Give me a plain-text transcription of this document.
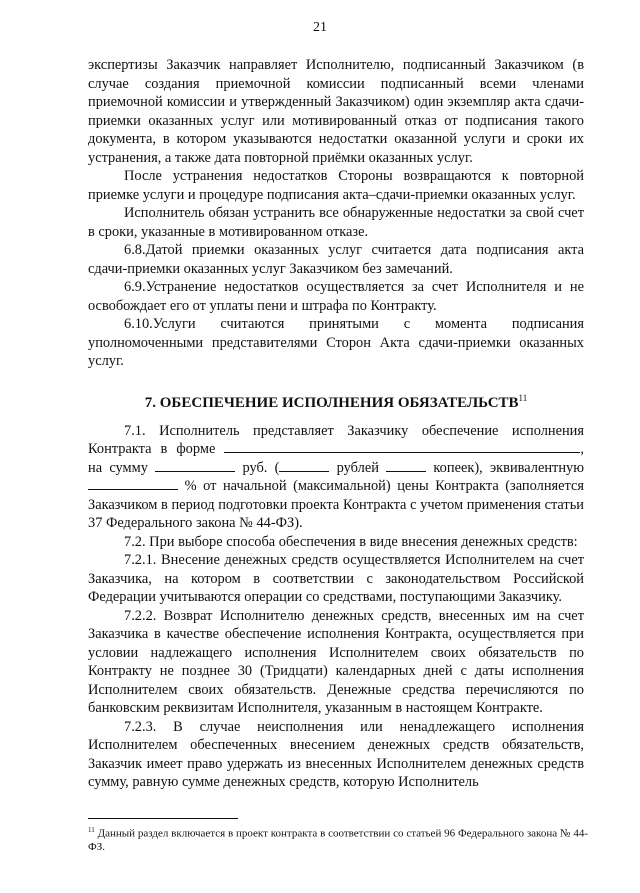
21

экспертизы Заказчик направляет Исполнителю, подписанный Заказчиком (в случае создания приемочной комиссии подписанный всеми членами приемочной комиссии и утвержденный Заказчиком) один экземпляр акта сдачи-приемки оказанных услуг или мотивированный отказ от подписания такого документа, в котором указываются недостатки оказанной услуги и сроки их устранения, а также дата повторной приёмки оказанных услуг.

После устранения недостатков Стороны возвращаются к повторной приемке услуги и процедуре подписания акта–сдачи-приемки оказанных услуг.

Исполнитель обязан устранить все обнаруженные недостатки за свой счет в сроки, указанные в мотивированном отказе.

6.8.Датой приемки оказанных услуг считается дата подписания акта сдачи-приемки оказанных услуг Заказчиком без замечаний.

6.9.Устранение недостатков осуществляется за счет Исполнителя и не освобождает его от уплаты пени и штрафа по Контракту.

6.10.Услуги считаются принятыми с момента подписания уполномоченными представителями Сторон Акта сдачи-приемки оказанных услуг.

7. ОБЕСПЕЧЕНИЕ ИСПОЛНЕНИЯ ОБЯЗАТЕЛЬСТВ$^{11}$

7.1. Исполнитель представляет Заказчику обеспечение исполнения Контракта в форме	, на сумму	руб. (	рублей	копеек), эквивалентную  % от начальной (максимальной) цены Контракта (заполняется Заказчиком в период подготовки проекта Контракта с учетом применения статьи 37 Федерального закона № 44-ФЗ).

7.2. При выборе способа обеспечения в виде внесения денежных средств:

7.2.1. Внесение денежных средств осуществляется Исполнителем на счет Заказчика, на котором в соответствии с законодательством Российской Федерации учитываются операции со средствами, поступающими Заказчику.

7.2.2. Возврат Исполнителю денежных средств, внесенных им на счет Заказчика в качестве обеспечение исполнения Контракта, осуществляется при условии надлежащего исполнения Исполнителем своих обязательств по Контракту не позднее 30 (Тридцати) календарных дней с даты исполнения Исполнителем своих обязательств. Денежные средства перечисляются по банковским реквизитам Исполнителя, указанным в настоящем Контракте.

7.2.3. В случае неисполнения или ненадлежащего исполнения Исполнителем обеспеченных внесением денежных средств обязательств, Заказчик имеет право удержать из внесенных Исполнителем денежных средств сумму, равную сумме денежных средств, которую Исполнитель

$^{11}$ Данный раздел включается в проект контракта в соответствии со статьей 96 Федерального закона № 44-ФЗ.
